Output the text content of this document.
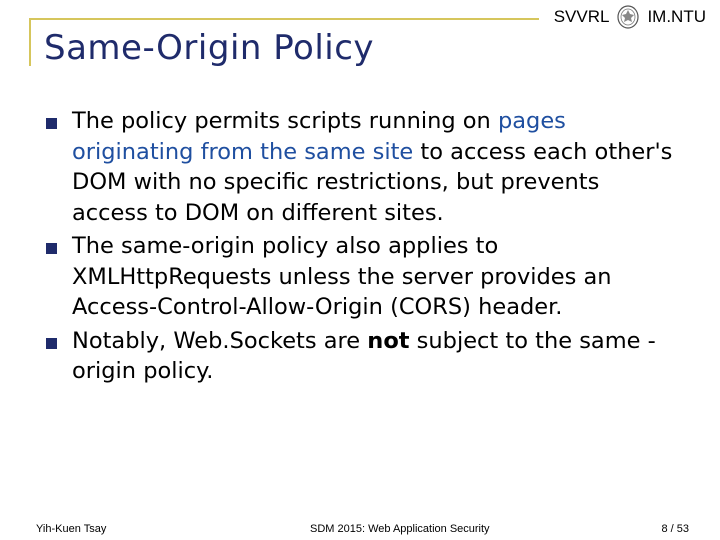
Same-Origin Policy
SVVRL IM.NTU
The policy permits scripts running on pages originating from the same site to access each other's DOM with no specific restrictions, but prevents access to DOM on different sites.
The same-origin policy also applies to XMLHttpRequests unless the server provides an Access-Control-Allow-Origin (CORS) header.
Notably, Web.Sockets are not subject to the same -origin policy.
Yih-Kuen Tsay	SDM 2015: Web Application Security	8 / 53
